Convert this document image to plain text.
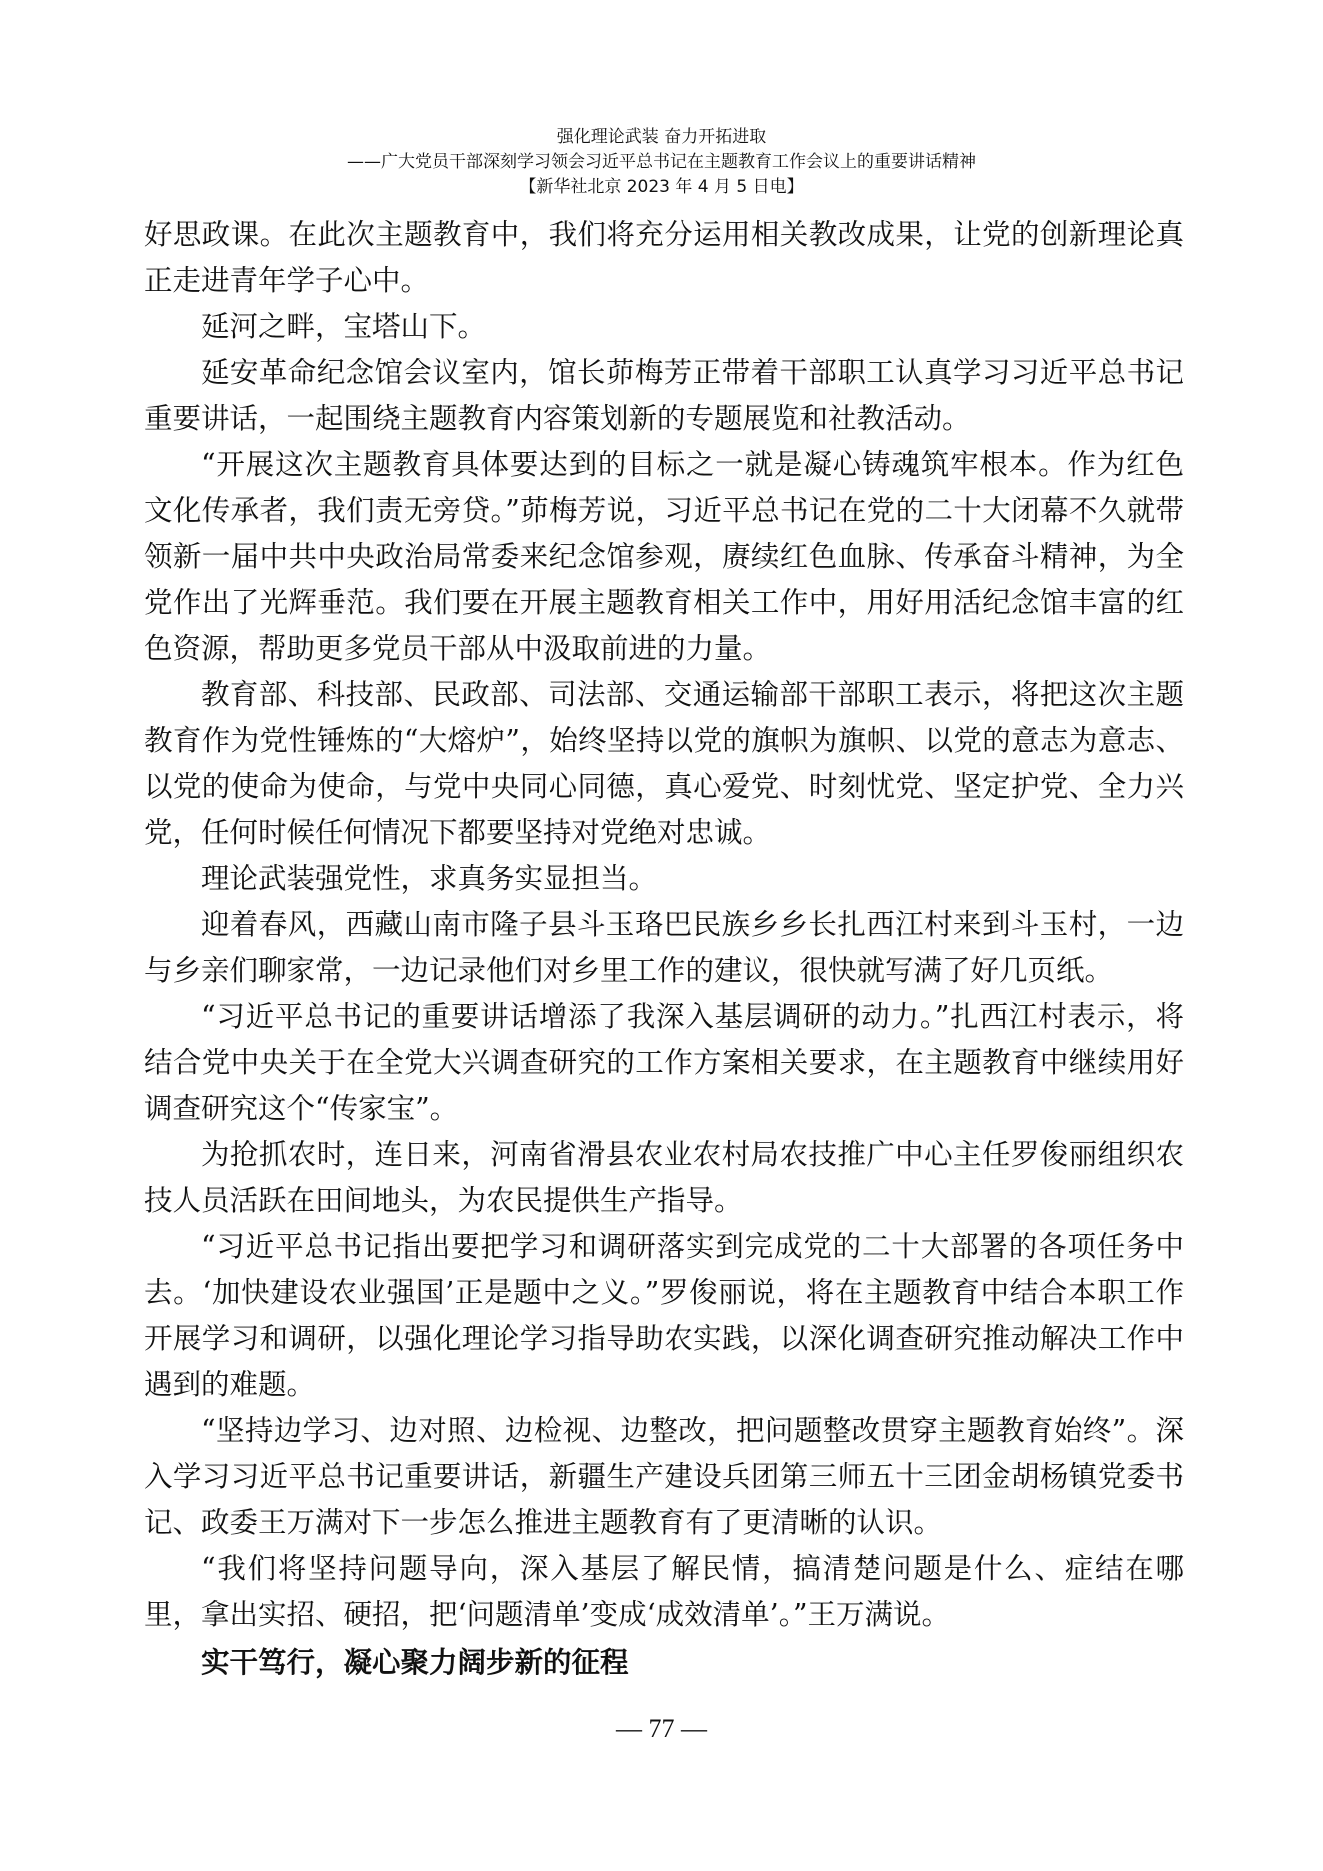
强化理论武装 奋力开拓进取
——广大党员干部深刻学习领会习近平总书记在主题教育工作会议上的重要讲话精神
【新华社北京 2023 年 4 月 5 日电】

好思政课。在此次主题教育中，我们将充分运用相关教改成果，让党的创新理论真正走进青年学子心中。

延河之畔，宝塔山下。

延安革命纪念馆会议室内，馆长茆梅芳正带着干部职工认真学习习近平总书记重要讲话，一起围绕主题教育内容策划新的专题展览和社教活动。

“开展这次主题教育具体要达到的目标之一就是凝心铸魂筑牢根本。作为红色文化传承者，我们责无旁贷。”茆梅芳说，习近平总书记在党的二十大闭幕不久就带领新一届中共中央政治局常委来纪念馆参观，赓续红色血脉、传承奋斗精神，为全党作出了光辉垂范。我们要在开展主题教育相关工作中，用好用活纪念馆丰富的红色资源，帮助更多党员干部从中汲取前进的力量。

教育部、科技部、民政部、司法部、交通运输部干部职工表示，将把这次主题教育作为党性锤炼的“大熔炉”，始终坚持以党的旗帜为旗帜、以党的意志为意志、以党的使命为使命，与党中央同心同德，真心爱党、时刻忧党、坚定护党、全力兴党，任何时候任何情况下都要坚持对党绝对忠诚。

理论武装强党性，求真务实显担当。

迎着春风，西藏山南市隆子县斗玉珞巴民族乡乡长扎西江村来到斗玉村，一边与乡亲们聊家常，一边记录他们对乡里工作的建议，很快就写满了好几页纸。

“习近平总书记的重要讲话增添了我深入基层调研的动力。”扎西江村表示，将结合党中央关于在全党大兴调查研究的工作方案相关要求，在主题教育中继续用好调查研究这个“传家宝”。

为抢抓农时，连日来，河南省滑县农业农村局农技推广中心主任罗俊丽组织农技人员活跃在田间地头，为农民提供生产指导。

“习近平总书记指出要把学习和调研落实到完成党的二十大部署的各项任务中去。‘加快建设农业强国’正是题中之义。”罗俊丽说，将在主题教育中结合本职工作开展学习和调研，以强化理论学习指导助农实践，以深化调查研究推动解决工作中遇到的难题。

“坚持边学习、边对照、边检视、边整改，把问题整改贯穿主题教育始终”。深入学习习近平总书记重要讲话，新疆生产建设兵团第三师五十三团金胡杨镇党委书记、政委王万满对下一步怎么推进主题教育有了更清晰的认识。

“我们将坚持问题导向，深入基层了解民情，搞清楚问题是什么、症结在哪里，拿出实招、硬招，把‘问题清单’变成‘成效清单’。”王万满说。

实干笃行，凝心聚力阔步新的征程

— 77 —
